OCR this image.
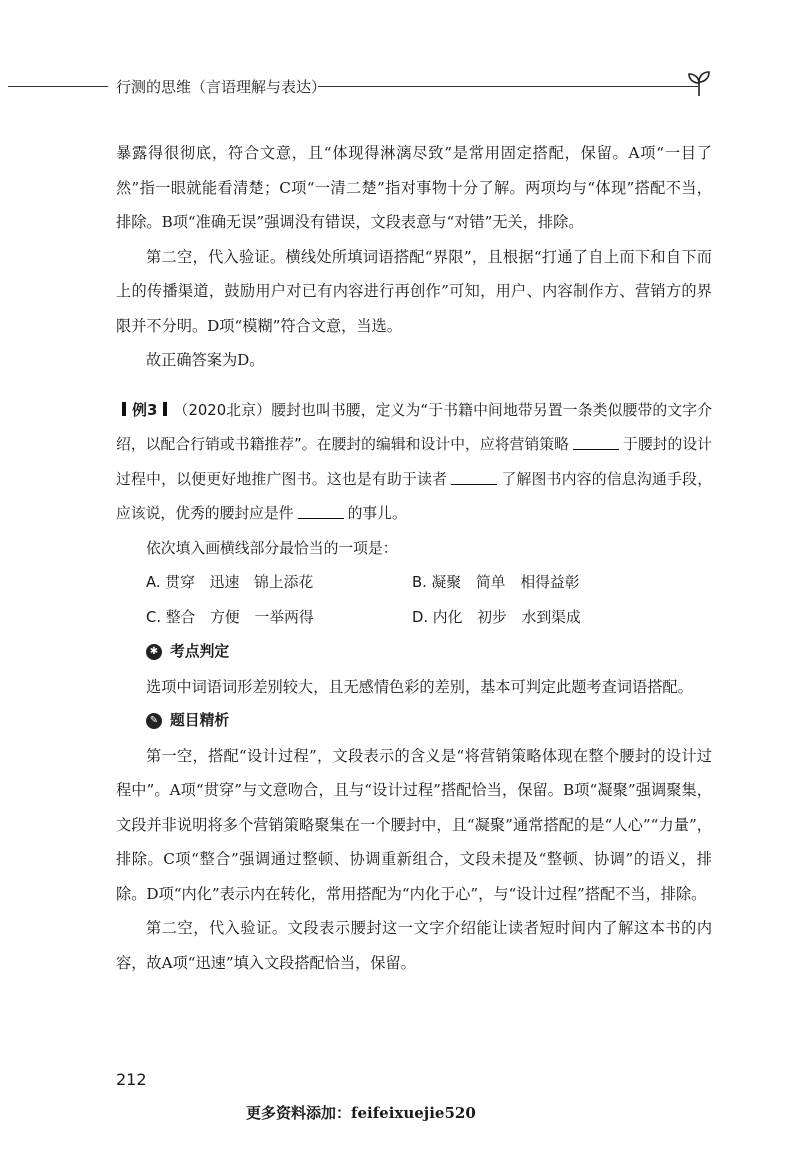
行测的思维（言语理解与表达）

暴露得很彻底，符合文意，且“体现得淋漓尽致”是常用固定搭配，保留。A项“一目了然”指一眼就能看清楚；C项“一清二楚”指对事物十分了解。两项均与“体现”搭配不当，排除。B项“准确无误”强调没有错误，文段表意与“对错”无关，排除。

第二空，代入验证。横线处所填词语搭配“界限”，且根据“打通了自上而下和自下而上的传播渠道，鼓励用户对已有内容进行再创作”可知，用户、内容制作方、营销方的界限并不分明。D项“模糊”符合文意，当选。

故正确答案为D。

例3 （2020北京）腰封也叫书腰，定义为“于书籍中间地带另置一条类似腰带的文字介绍，以配合行销或书籍推荐”。在腰封的编辑和设计中，应将营销策略	于腰封的设计过程中，以便更好地推广图书。这也是有助于读者	了解图书内容的信息沟通手段，应该说，优秀的腰封应是件	的事儿。

依次填入画横线部分最恰当的一项是：

A. 贯穿　迅速　锦上添花	B. 凝聚　简单　相得益彰
C. 整合　方便　一举两得	D. 内化　初步　水到渠成
✱ 考点判定

选项中词语词形差别较大，且无感情色彩的差别，基本可判定此题考查词语搭配。

✎ 题目精析

第一空，搭配“设计过程”，文段表示的含义是“将营销策略体现在整个腰封的设计过程中”。A项“贯穿”与文意吻合，且与“设计过程”搭配恰当，保留。B项“凝聚”强调聚集，文段并非说明将多个营销策略聚集在一个腰封中，且“凝聚”通常搭配的是“人心”“力量”，排除。C项“整合”强调通过整顿、协调重新组合，文段未提及“整顿、协调”的语义，排除。D项“内化”表示内在转化，常用搭配为“内化于心”，与“设计过程”搭配不当，排除。

第二空，代入验证。文段表示腰封这一文字介绍能让读者短时间内了解这本书的内容，故A项“迅速”填入文段搭配恰当，保留。

212
更多资料添加：feifeixuejie520
